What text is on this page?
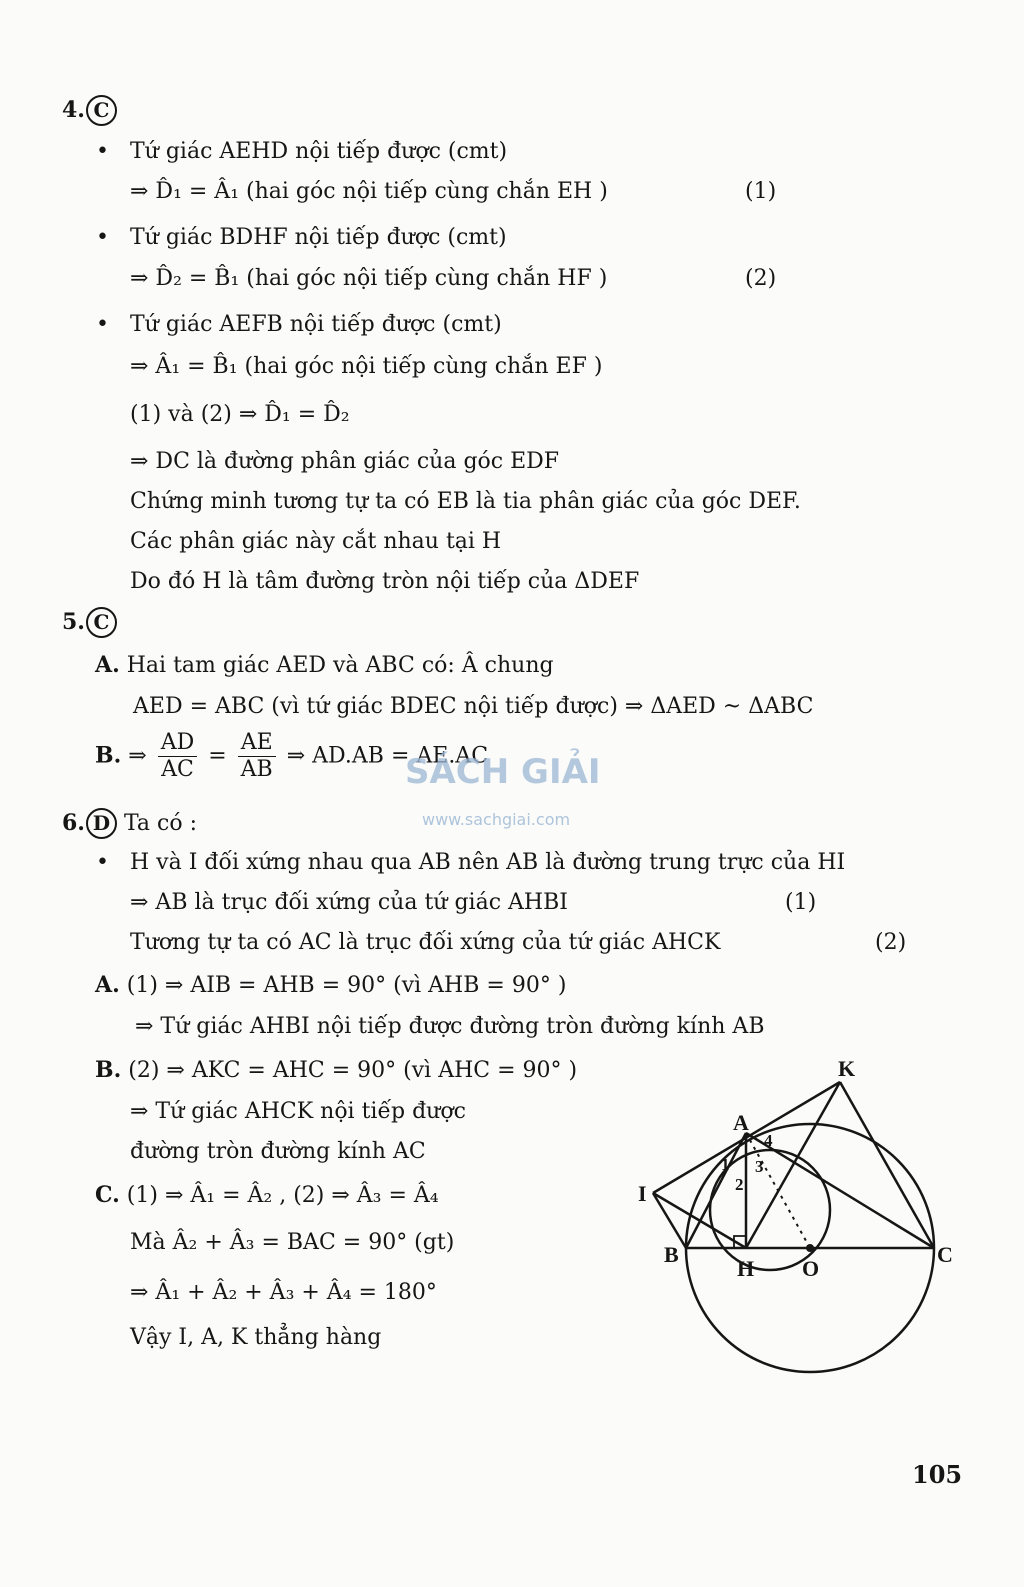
4. C
• Tứ giác AEHD nội tiếp được (cmt)
⇒ D̂₁ = Â₁ (hai góc nội tiếp cùng chắn EH )	(1)
• Tứ giác BDHF nội tiếp được (cmt)
⇒ D̂₂ = B̂₁ (hai góc nội tiếp cùng chắn HF )	(2)
• Tứ giác AEFB nội tiếp được (cmt)
⇒ Â₁ = B̂₁ (hai góc nội tiếp cùng chắn EF )
(1) và (2) ⇒ D̂₁ = D̂₂
⇒ DC là đường phân giác của góc EDF
Chứng minh tương tự ta có EB là tia phân giác của góc DEF.
Các phân giác này cắt nhau tại H
Do đó H là tâm đường tròn nội tiếp của ΔDEF
5. C
A. Hai tam giác AED và ABC có: Â chung
AED = ABC (vì tứ giác BDEC nội tiếp được) ⇒ ΔAED ~ ΔABC
B. ⇒ $\frac{AD}{AC} = \frac{AE}{AB}$ ⇒ AD.AB = AE.AC
SÁCH GIẢI
www.sachgiai.com
6. D Ta có :
• H và I đối xứng nhau qua AB nên AB là đường trung trực của HI
⇒ AB là trục đối xứng của tứ giác AHBI	(1)
Tương tự ta có AC là trục đối xứng của tứ giác AHCK	(2)
A. (1) ⇒ AIB = AHB = 90° (vì AHB = 90° )
⇒ Tứ giác AHBI nội tiếp được đường tròn đường kính AB
B. (2) ⇒ AKC = AHC = 90° (vì AHC = 90° )
⇒ Tứ giác AHCK nội tiếp được
đường tròn đường kính AC
C. (1) ⇒ Â₁ = Â₂ , (2) ⇒ Â₃ = Â₄
Mà Â₂ + Â₃ = BAC = 90° (gt)
⇒ Â₁ + Â₂ + Â₃ + Â₄ = 180°
Vậy I, A, K thẳng hàng
K
A
I
B
H O
C
1
2
3
4
105
